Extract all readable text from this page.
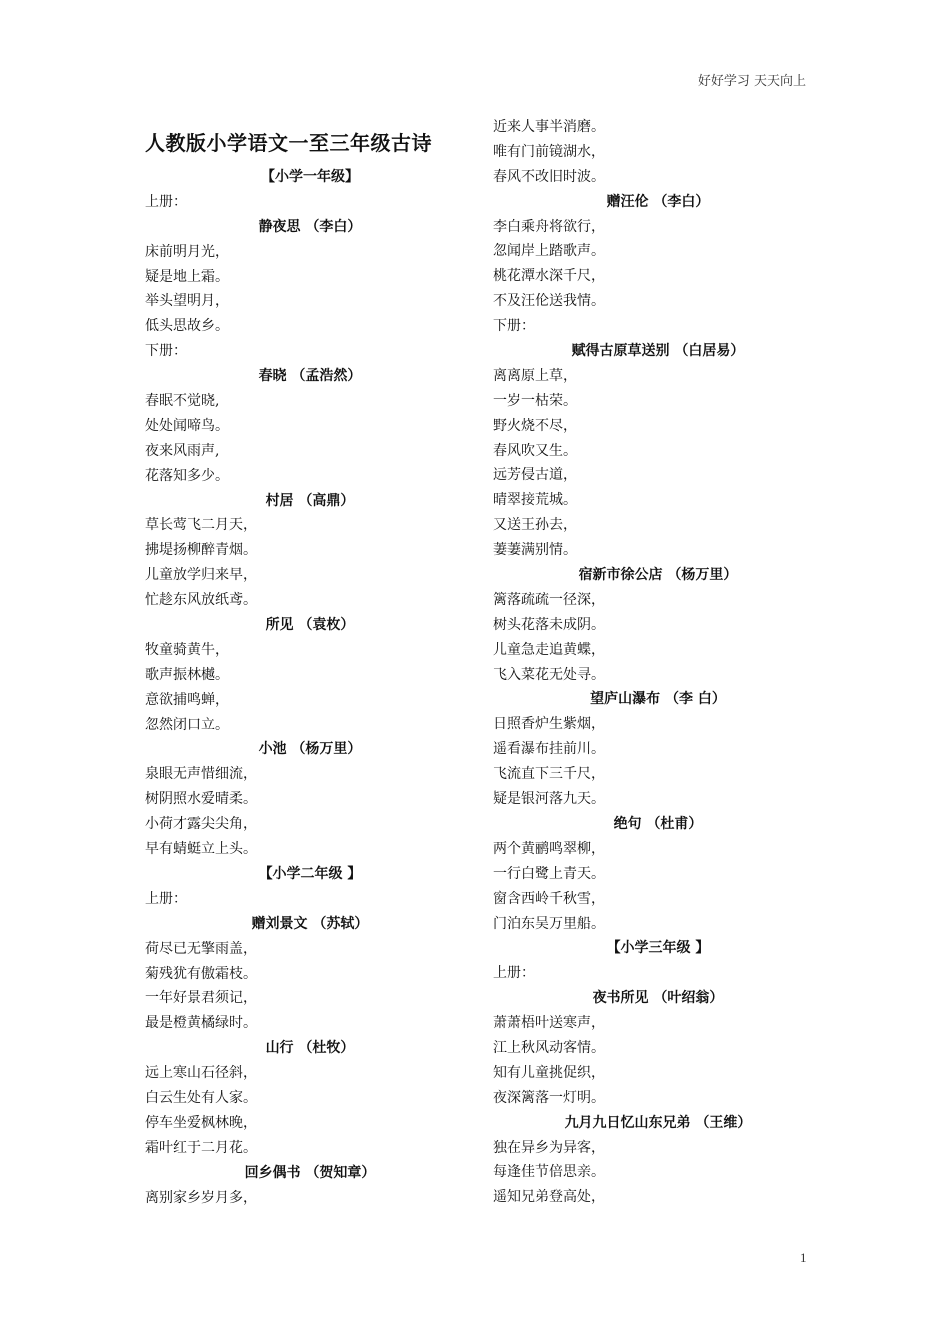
好好学习 天天向上
人教版小学语文一至三年级古诗
【小学一年级】
上册：
静夜思 （李白）
床前明月光，
疑是地上霜。
举头望明月，
低头思故乡。
下册：
春晓 （孟浩然）
春眠不觉晓,
处处闻啼鸟。
夜来风雨声,
花落知多少。
村居 （高鼎）
草长莺飞二月天，
拂堤扬柳醉青烟。
儿童放学归来早，
忙趁东风放纸鸢。
所见 （袁枚）
牧童骑黄牛，
歌声振林樾。
意欲捕鸣蝉，
忽然闭口立。
小池 （杨万里）
泉眼无声惜细流，
树阴照水爱晴柔。
小荷才露尖尖角，
早有蜻蜓立上头。
【小学二年级 】
上册：
赠刘景文 （苏轼）
荷尽已无擎雨盖，
菊残犹有傲霜枝。
一年好景君须记，
最是橙黄橘绿时。
山行 （杜牧）
远上寒山石径斜，
白云生处有人家。
停车坐爱枫林晚，
霜叶红于二月花。
回乡偶书 （贺知章）
离别家乡岁月多，
近来人事半消磨。
唯有门前镜湖水，
春风不改旧时波。
赠汪伦 （李白）
李白乘舟将欲行，
忽闻岸上踏歌声。
桃花潭水深千尺，
不及汪伦送我情。
下册：
赋得古原草送别 （白居易）
离离原上草，
一岁一枯荣。
野火烧不尽，
春风吹又生。
远芳侵古道，
晴翠接荒城。
又送王孙去，
萋萋满别情。
宿新市徐公店 （杨万里）
篱落疏疏一径深，
树头花落未成阴。
儿童急走追黄蝶，
飞入菜花无处寻。
望庐山瀑布 （李 白）
日照香炉生紫烟，
遥看瀑布挂前川。
飞流直下三千尺，
疑是银河落九天。
绝句 （杜甫）
两个黄鹂鸣翠柳，
一行白鹭上青天。
窗含西岭千秋雪，
门泊东吴万里船。
【小学三年级 】
上册：
夜书所见 （叶绍翁）
萧萧梧叶送寒声，
江上秋风动客情。
知有儿童挑促织，
夜深篱落一灯明。
九月九日忆山东兄弟 （王维）
独在异乡为异客，
每逢佳节倍思亲。
遥知兄弟登高处，
1
